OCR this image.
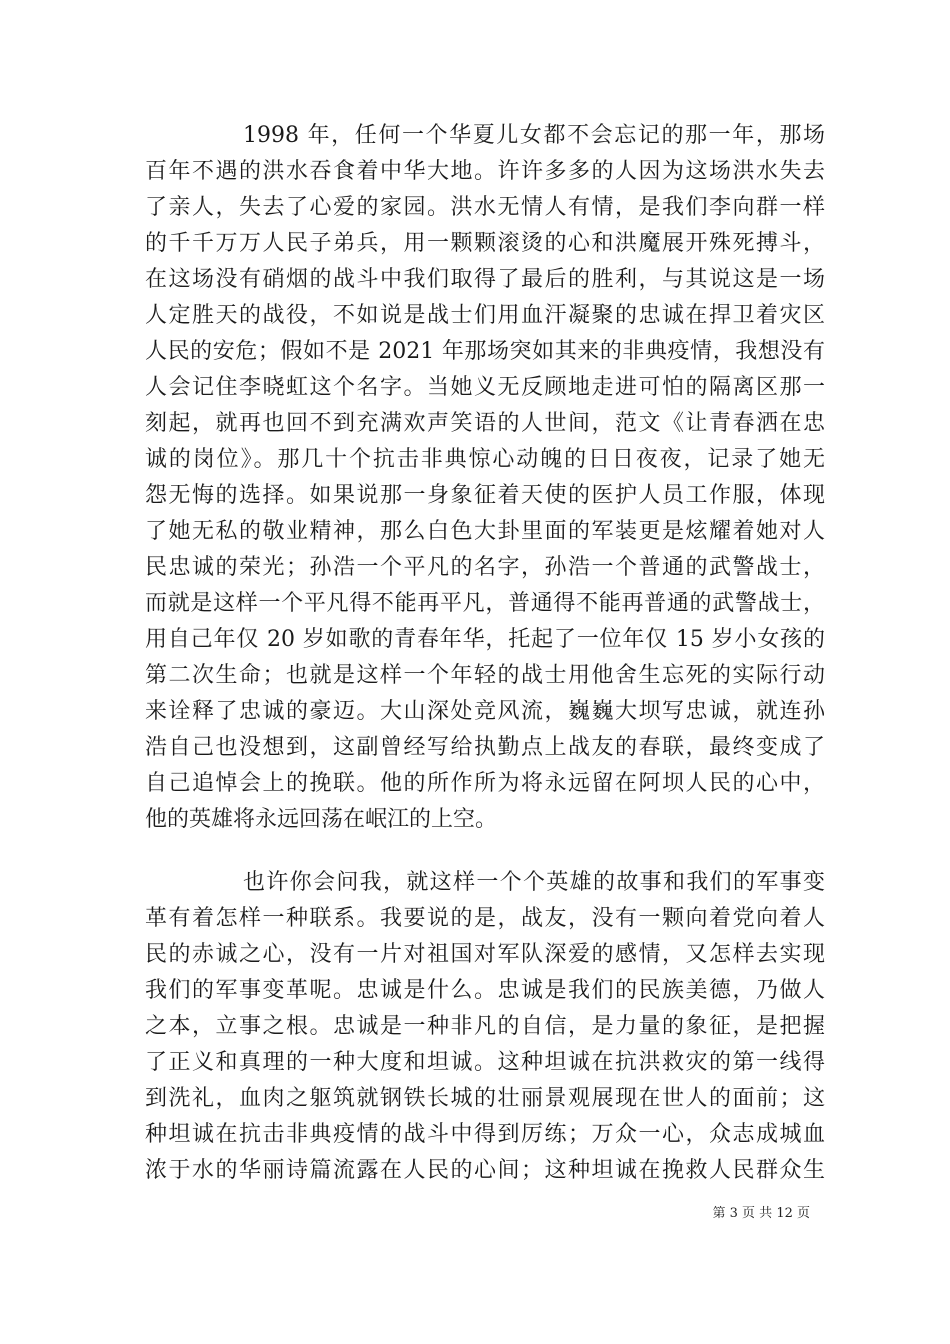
1998 年，任何一个华夏儿女都不会忘记的那一年，那场
百年不遇的洪水吞食着中华大地。许许多多的人因为这场洪水失去
了亲人，失去了心爱的家园。洪水无情人有情，是我们李向群一样
的千千万万人民子弟兵，用一颗颗滚烫的心和洪魔展开殊死搏斗，
在这场没有硝烟的战斗中我们取得了最后的胜利，与其说这是一场
人定胜天的战役，不如说是战士们用血汗凝聚的忠诚在捍卫着灾区
人民的安危；假如不是 2021 年那场突如其来的非典疫情，我想没有
人会记住李晓虹这个名字。当她义无反顾地走进可怕的隔离区那一
刻起，就再也回不到充满欢声笑语的人世间，范文《让青春洒在忠
诚的岗位》。那几十个抗击非典惊心动魄的日日夜夜，记录了她无
怨无悔的选择。如果说那一身象征着天使的医护人员工作服，体现
了她无私的敬业精神，那么白色大卦里面的军装更是炫耀着她对人
民忠诚的荣光；孙浩一个平凡的名字，孙浩一个普通的武警战士，
而就是这样一个平凡得不能再平凡，普通得不能再普通的武警战士，
用自己年仅 20 岁如歌的青春年华，托起了一位年仅 15 岁小女孩的
第二次生命；也就是这样一个年轻的战士用他舍生忘死的实际行动
来诠释了忠诚的豪迈。大山深处竞风流，巍巍大坝写忠诚，就连孙
浩自己也没想到，这副曾经写给执勤点上战友的春联，最终变成了
自己追悼会上的挽联。他的所作所为将永远留在阿坝人民的心中，
他的英雄将永远回荡在岷江的上空。
也许你会问我，就这样一个个英雄的故事和我们的军事变
革有着怎样一种联系。我要说的是，战友，没有一颗向着党向着人
民的赤诚之心，没有一片对祖国对军队深爱的感情，又怎样去实现
我们的军事变革呢。忠诚是什么。忠诚是我们的民族美德，乃做人
之本，立事之根。忠诚是一种非凡的自信，是力量的象征，是把握
了正义和真理的一种大度和坦诚。这种坦诚在抗洪救灾的第一线得
到洗礼，血肉之躯筑就钢铁长城的壮丽景观展现在世人的面前；这
种坦诚在抗击非典疫情的战斗中得到厉练；万众一心，众志成城血
浓于水的华丽诗篇流露在人民的心间；这种坦诚在挽救人民群众生
第 3 页 共 12 页
